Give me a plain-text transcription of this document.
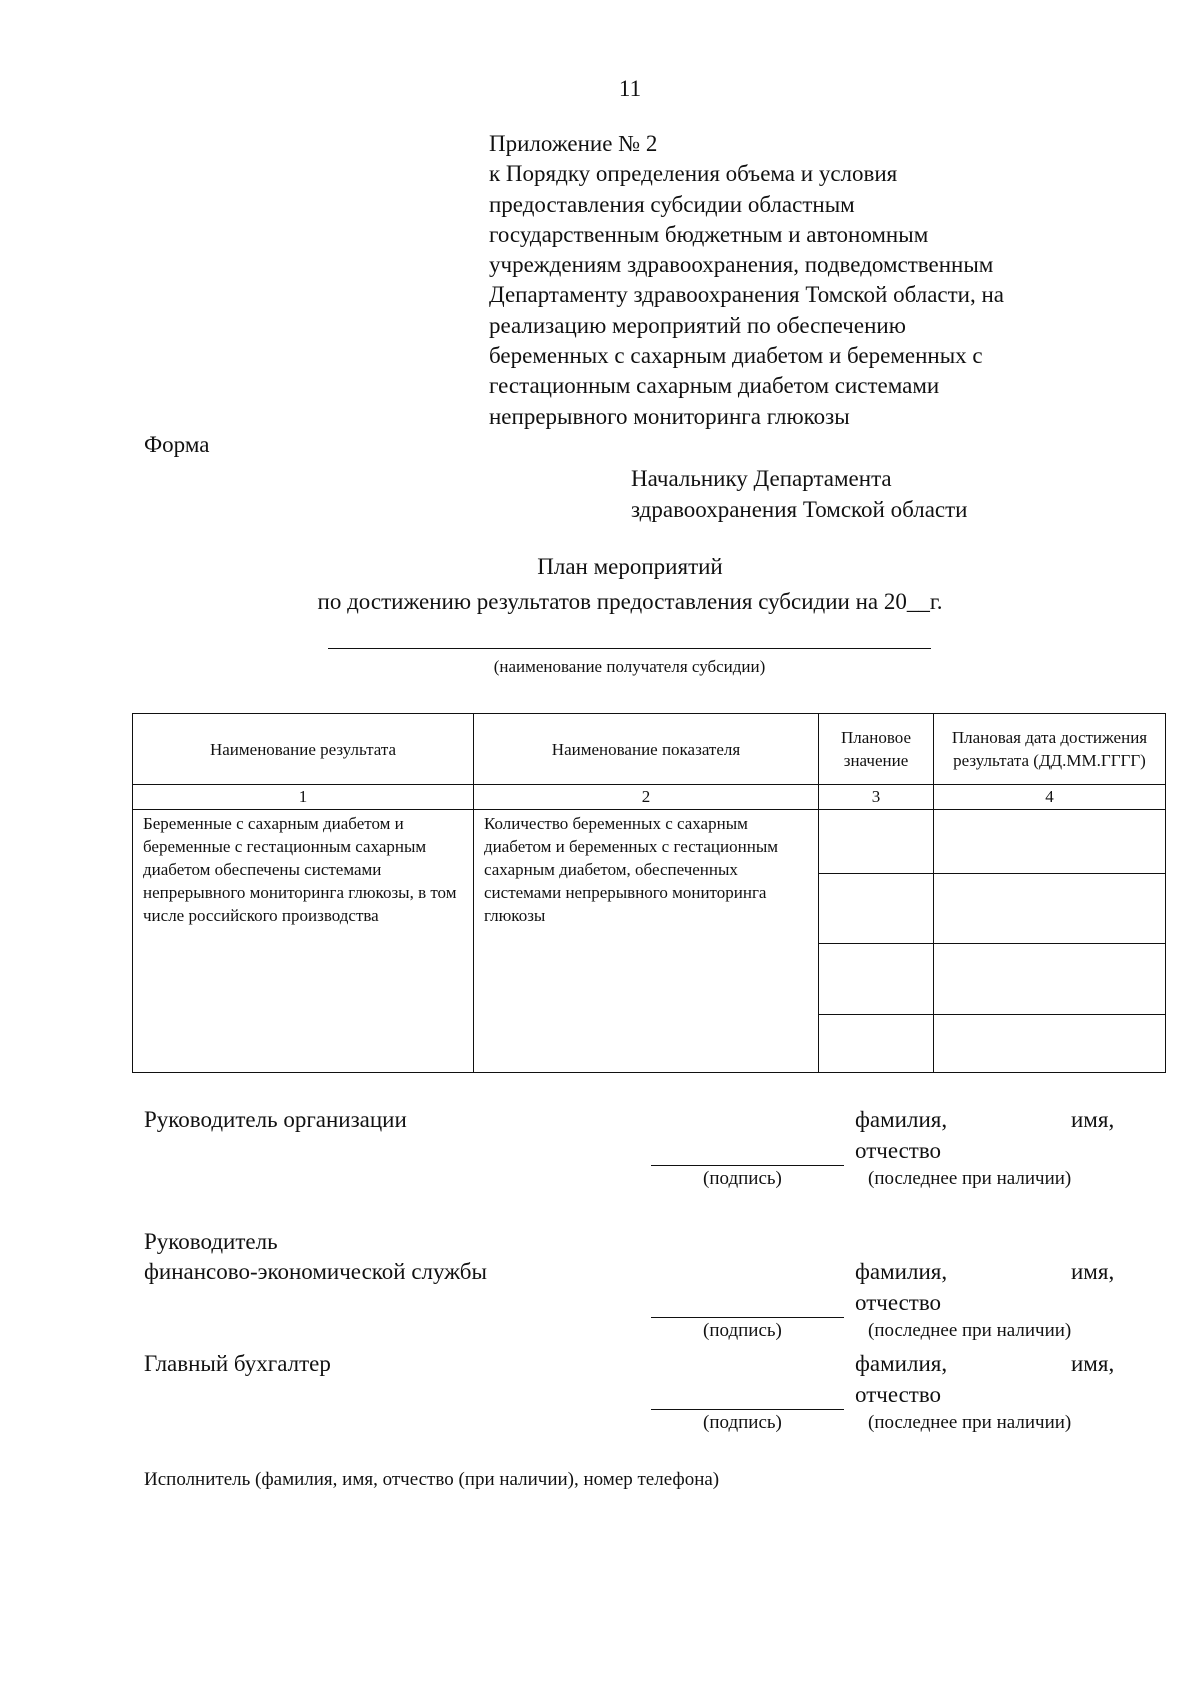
11
Приложение № 2
к Порядку определения объема и условия
предоставления субсидии областным
государственным бюджетным и автономным
учреждениям здравоохранения, подведомственным
Департаменту здравоохранения Томской области, на
реализацию мероприятий по обеспечению
беременных с сахарным диабетом и беременных с
гестационным сахарным диабетом системами
непрерывного мониторинга глюкозы
Форма
Начальнику Департамента
здравоохранения Томской области
План мероприятий
по достижению результатов предоставления субсидии на 20__г.
(наименование получателя субсидии)
Наименование результата	Наименование показателя	Плановое значение	Плановая дата достижения результата (ДД.ММ.ГГГГ)
1	2	3	4
Беременные с сахарным диабетом и беременные с гестационным сахарным диабетом обеспечены системами непрерывного мониторинга глюкозы, в том числе российского производства	Количество беременных с сахарным диабетом и беременных с гестационным сахарным диабетом, обеспеченных системами непрерывного мониторинга глюкозы		

Руководитель организации	фамилия,	имя,
отчество
(подпись)	(последнее при наличии)
Руководитель
финансово-экономической службы	фамилия,	имя,
отчество
(подпись)	(последнее при наличии)
Главный бухгалтер	фамилия,	имя,
отчество
(подпись)	(последнее при наличии)
Исполнитель (фамилия, имя, отчество (при наличии), номер телефона)
